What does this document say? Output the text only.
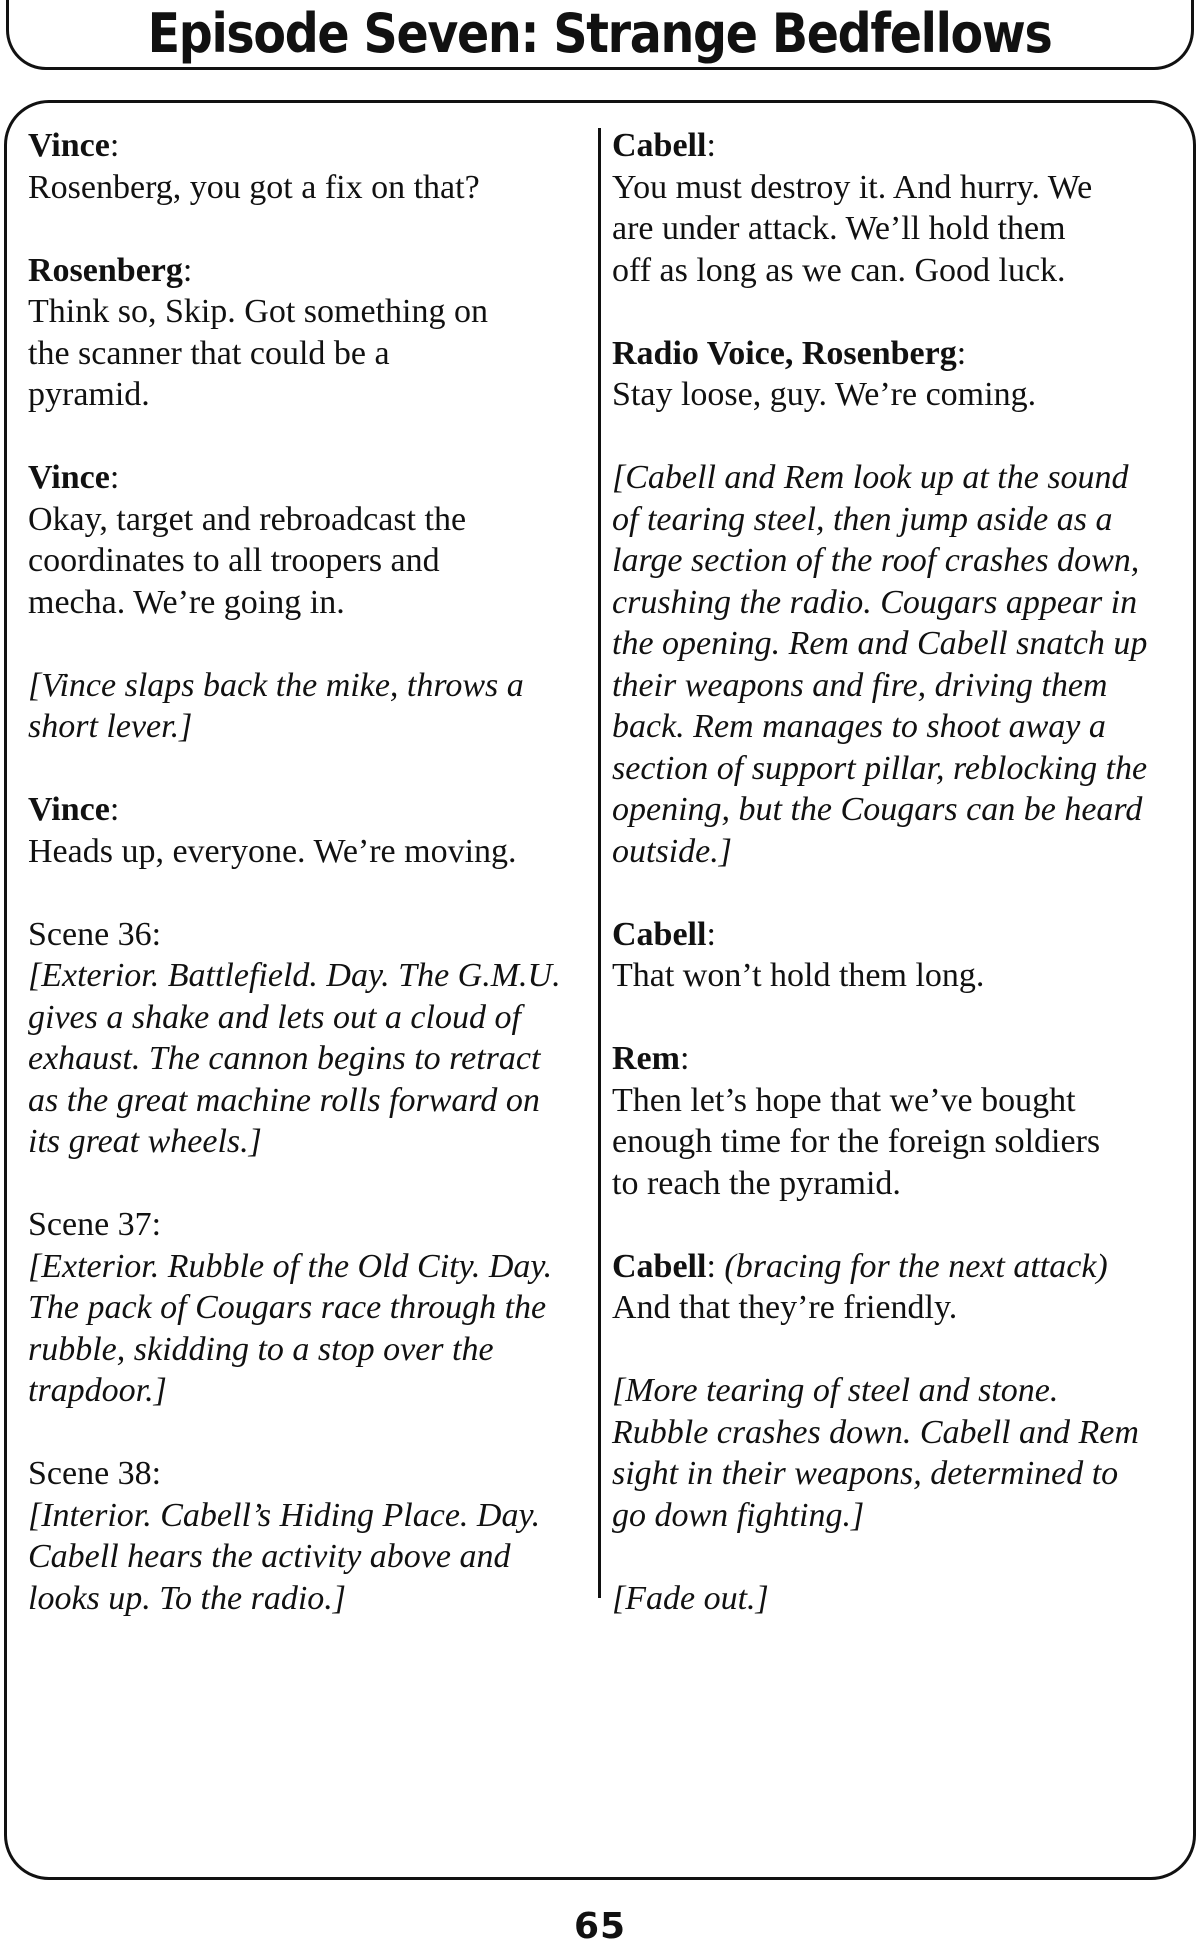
Episode Seven: Strange Bedfellows
Vince:
Rosenberg, you got a fix on that?
Rosenberg:
Think so, Skip. Got something on
the scanner that could be a
pyramid.
Vince:
Okay, target and rebroadcast the
coordinates to all troopers and
mecha. We’re going in.
[Vince slaps back the mike, throws a
short lever.]
Vince:
Heads up, everyone. We’re moving.
Scene 36:
[Exterior. Battlefield. Day. The G.M.U.
gives a shake and lets out a cloud of
exhaust. The cannon begins to retract
as the great machine rolls forward on
its great wheels.]
Scene 37:
[Exterior. Rubble of the Old City. Day.
The pack of Cougars race through the
rubble, skidding to a stop over the
trapdoor.]
Scene 38:
[Interior. Cabell’s Hiding Place. Day.
Cabell hears the activity above and
looks up. To the radio.]
Cabell:
You must destroy it. And hurry. We
are under attack. We’ll hold them
off as long as we can. Good luck.
Radio Voice, Rosenberg:
Stay loose, guy. We’re coming.
[Cabell and Rem look up at the sound
of tearing steel, then jump aside as a
large section of the roof crashes down,
crushing the radio. Cougars appear in
the opening. Rem and Cabell snatch up
their weapons and fire, driving them
back. Rem manages to shoot away a
section of support pillar, reblocking the
opening, but the Cougars can be heard
outside.]
Cabell:
That won’t hold them long.
Rem:
Then let’s hope that we’ve bought
enough time for the foreign soldiers
to reach the pyramid.
Cabell: (bracing for the next attack)
And that they’re friendly.
[More tearing of steel and stone.
Rubble crashes down. Cabell and Rem
sight in their weapons, determined to
go down fighting.]
[Fade out.]
65
